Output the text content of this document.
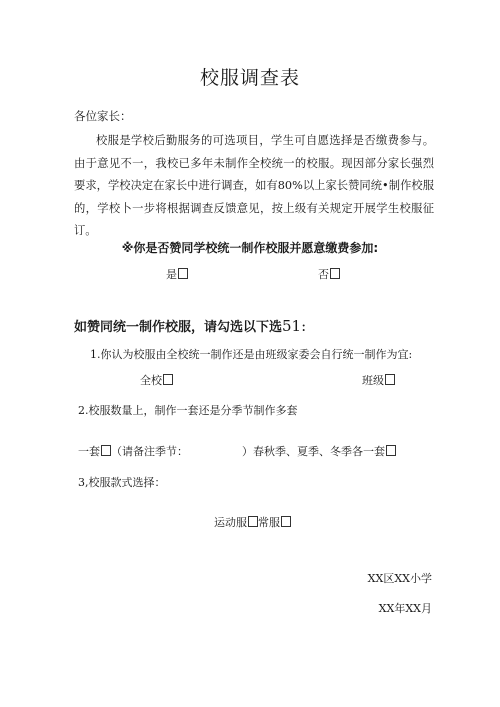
校服调查表
各位家长：
校服是学校后勤服务的可选项目，学生可自愿选择是否缴费参与。由于意见不一，我校已多年未制作全校统一的校服。现因部分家长强烈要求，学校决定在家长中进行调查，如有80%以上家长赞同统•制作校服的，学校卜一步将根据调查反馈意见，按上级有关规定开展学生校服征订。
※你是否赞同学校统一制作校服并愿意缴费参加:
是	否
如赞同统一制作校服，请勾选以下选51:
1.你认为校服由全校统一制作还是由班级家委会自行统一制作为宜:
全校	班级
2.校服数量上，制作一套还是分季节制作多套
一套 （请备注季节：	）春秋季、夏季、冬季各一套
3,校服款式选择：
运动服 常服
XX区XX小学
XX年XX月
